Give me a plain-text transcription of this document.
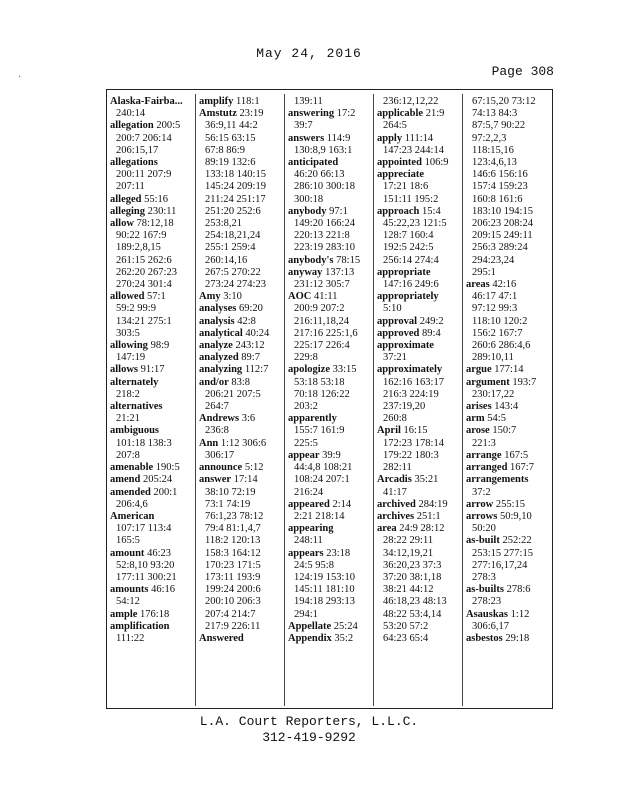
May 24, 2016
Page 308
·
Alaska-Fairba...
240:14
allegation 200:5
200:7 206:14
206:15,17
allegations
200:11 207:9
207:11
alleged 55:16
alleging 230:11
allow 78:12,18
90:22 167:9
189:2,8,15
261:15 262:6
262:20 267:23
270:24 301:4
allowed 57:1
59:2 99:9
134:21 275:1
303:5
allowing 98:9
147:19
allows 91:17
alternately
218:2
alternatives
21:21
ambiguous
101:18 138:3
207:8
amenable 190:5
amend 205:24
amended 200:1
206:4,6
American
107:17 113:4
165:5
amount 46:23
52:8,10 93:20
177:11 300:21
amounts 46:16
54:12
ample 176:18
amplification
111:22
amplify 118:1
Amstutz 23:19
36:9,11 44:2
56:15 63:15
67:8 86:9
89:19 132:6
133:18 140:15
145:24 209:19
211:24 251:17
251:20 252:6
253:8,21
254:18,21,24
255:1 259:4
260:14,16
267:5 270:22
273:24 274:23
Amy 3:10
analyses 69:20
analysis 42:8
analytical 40:24
analyze 243:12
analyzed 89:7
analyzing 112:7
and/or 83:8
206:21 207:5
264:7
Andrews 3:6
236:8
Ann 1:12 306:6
306:17
announce 5:12
answer 17:14
38:10 72:19
73:1 74:19
76:1,23 78:12
79:4 81:1,4,7
118:2 120:13
158:3 164:12
170:23 171:5
173:11 193:9
199:24 200:6
200:10 206:3
207:4 214:7
217:9 226:11
Answered
139:11
answering 17:2
39:7
answers 114:9
130:8,9 163:1
anticipated
46:20 66:13
286:10 300:18
300:18
anybody 97:1
149:20 166:24
220:13 221:8
223:19 283:10
anybody's 78:15
anyway 137:13
231:12 305:7
AOC 41:11
200:9 207:2
216:11,18,24
217:16 225:1,6
225:17 226:4
229:8
apologize 33:15
53:18 53:18
70:18 126:22
203:2
apparently
155:7 161:9
225:5
appear 39:9
44:4,8 108:21
108:24 207:1
216:24
appeared 2:14
2:21 218:14
appearing
248:11
appears 23:18
24:5 95:8
124:19 153:10
145:11 181:10
194:18 293:13
294:1
Appellate 25:24
Appendix 35:2
236:12,12,22
applicable 21:9
264:5
apply 111:14
147:23 244:14
appointed 106:9
appreciate
17:21 18:6
151:11 195:2
approach 15:4
45:22,23 121:5
128:7 160:4
192:5 242:5
256:14 274:4
appropriate
147:16 249:6
appropriately
5:10
approval 249:2
approved 89:4
approximate
37:21
approximately
162:16 163:17
216:3 224:19
237:19,20
260:8
April 16:15
172:23 178:14
179:22 180:3
282:11
Arcadis 35:21
41:17
archived 284:19
archives 251:1
area 24:9 28:12
28:22 29:11
34:12,19,21
36:20,23 37:3
37:20 38:1,18
38:21 44:12
46:18,23 48:13
48:22 53:4,14
53:20 57:2
64:23 65:4
67:15,20 73:12
74:13 84:3
87:5,7 90:22
97:2,2,3
118:15,16
123:4,6,13
146:6 156:16
157:4 159:23
160:8 161:6
183:10 194:15
206:23 208:24
209:15 249:11
256:3 289:24
294:23,24
295:1
areas 42:16
46:17 47:1
97:12 99:3
118:10 120:2
156:2 167:7
260:6 286:4,6
289:10,11
argue 177:14
argument 193:7
230:17,22
arises 143:4
arm 54:5
arose 150:7
221:3
arrange 167:5
arranged 167:7
arrangements
37:2
arrow 255:15
arrows 50:9,10
50:20
as-built 252:22
253:15 277:15
277:16,17,24
278:3
as-builts 278:6
278:23
Asauskas 1:12
306:6,17
asbestos 29:18
L.A. Court Reporters, L.L.C.
312-419-9292
